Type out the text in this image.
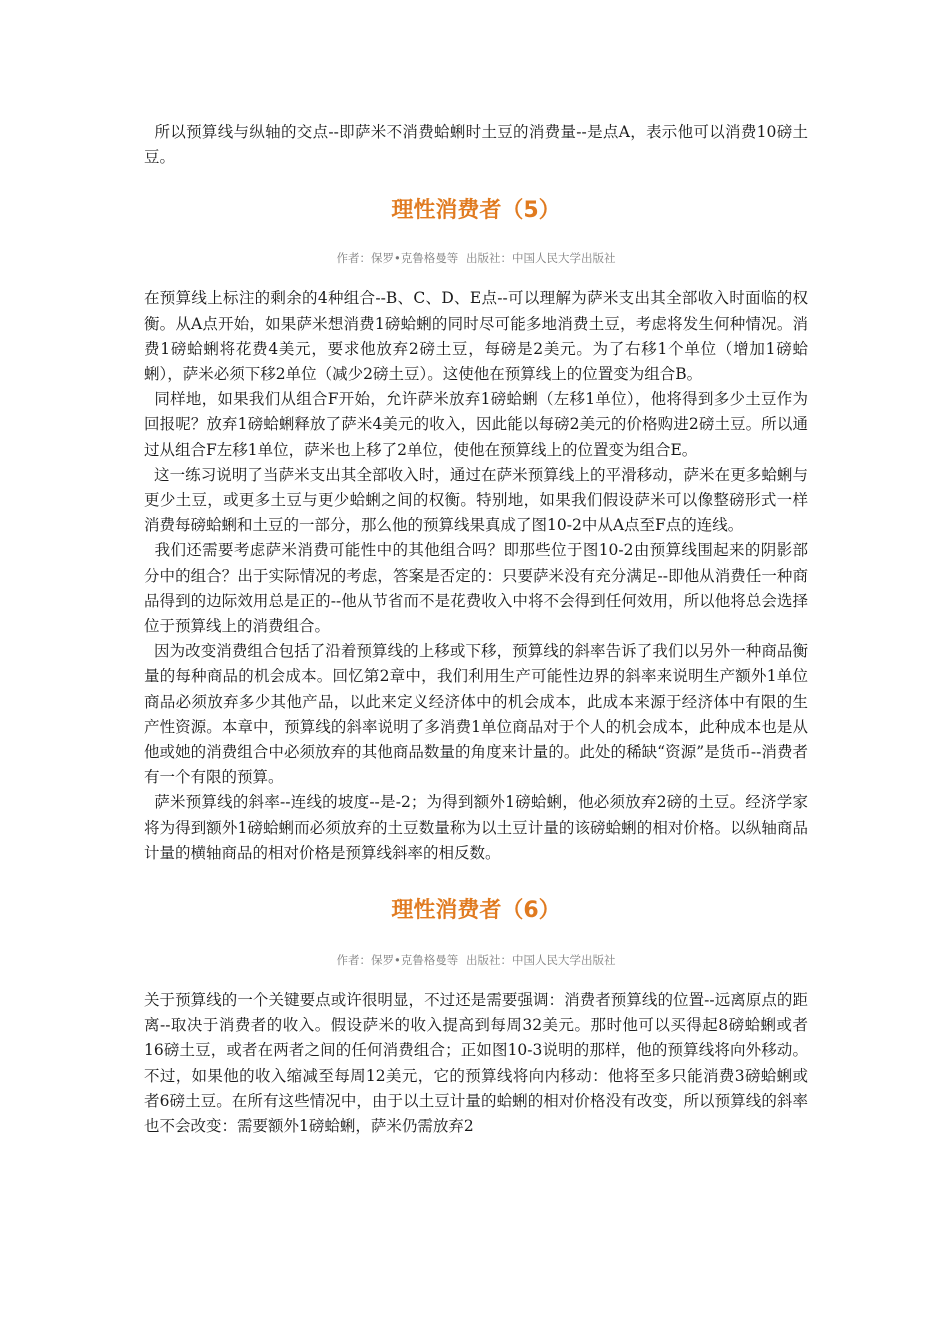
所以预算线与纵轴的交点--即萨米不消费蛤蜊时土豆的消费量--是点A，表示他可以消费10磅土豆。

理性消费者（5）

作者：保罗•克鲁格曼等 出版社：中国人民大学出版社

在预算线上标注的剩余的4种组合--B、C、D、E点--可以理解为萨米支出其全部收入时面临的权衡。从A点开始，如果萨米想消费1磅蛤蜊的同时尽可能多地消费土豆，考虑将发生何种情况。消费1磅蛤蜊将花费4美元，要求他放弃2磅土豆，每磅是2美元。为了右移1个单位（增加1磅蛤蜊），萨米必须下移2单位（减少2磅土豆）。这使他在预算线上的位置变为组合B。

同样地，如果我们从组合F开始，允许萨米放弃1磅蛤蜊（左移1单位），他将得到多少土豆作为回报呢？放弃1磅蛤蜊释放了萨米4美元的收入，因此能以每磅2美元的价格购进2磅土豆。所以通过从组合F左移1单位，萨米也上移了2单位，使他在预算线上的位置变为组合E。

这一练习说明了当萨米支出其全部收入时，通过在萨米预算线上的平滑移动，萨米在更多蛤蜊与更少土豆，或更多土豆与更少蛤蜊之间的权衡。特别地，如果我们假设萨米可以像整磅形式一样消费每磅蛤蜊和土豆的一部分，那么他的预算线果真成了图10-2中从A点至F点的连线。

我们还需要考虑萨米消费可能性中的其他组合吗？即那些位于图10-2由预算线围起来的阴影部分中的组合？出于实际情况的考虑，答案是否定的：只要萨米没有充分满足--即他从消费任一种商品得到的边际效用总是正的--他从节省而不是花费收入中将不会得到任何效用，所以他将总会选择位于预算线上的消费组合。

因为改变消费组合包括了沿着预算线的上移或下移，预算线的斜率告诉了我们以另外一种商品衡量的每种商品的机会成本。回忆第2章中，我们利用生产可能性边界的斜率来说明生产额外1单位商品必须放弃多少其他产品，以此来定义经济体中的机会成本，此成本来源于经济体中有限的生产性资源。本章中，预算线的斜率说明了多消费1单位商品对于个人的机会成本，此种成本也是从他或她的消费组合中必须放弃的其他商品数量的角度来计量的。此处的稀缺“资源”是货币--消费者有一个有限的预算。

萨米预算线的斜率--连线的坡度--是-2；为得到额外1磅蛤蜊，他必须放弃2磅的土豆。经济学家将为得到额外1磅蛤蜊而必须放弃的土豆数量称为以土豆计量的该磅蛤蜊的相对价格。以纵轴商品计量的横轴商品的相对价格是预算线斜率的相反数。

理性消费者（6）

作者：保罗•克鲁格曼等 出版社：中国人民大学出版社

关于预算线的一个关键要点或许很明显，不过还是需要强调：消费者预算线的位置--远离原点的距离--取决于消费者的收入。假设萨米的收入提高到每周32美元。那时他可以买得起8磅蛤蜊或者16磅土豆，或者在两者之间的任何消费组合；正如图10-3说明的那样，他的预算线将向外移动。不过，如果他的收入缩减至每周12美元，它的预算线将向内移动：他将至多只能消费3磅蛤蜊或者6磅土豆。在所有这些情况中，由于以土豆计量的蛤蜊的相对价格没有改变，所以预算线的斜率也不会改变：需要额外1磅蛤蜊，萨米仍需放弃2
